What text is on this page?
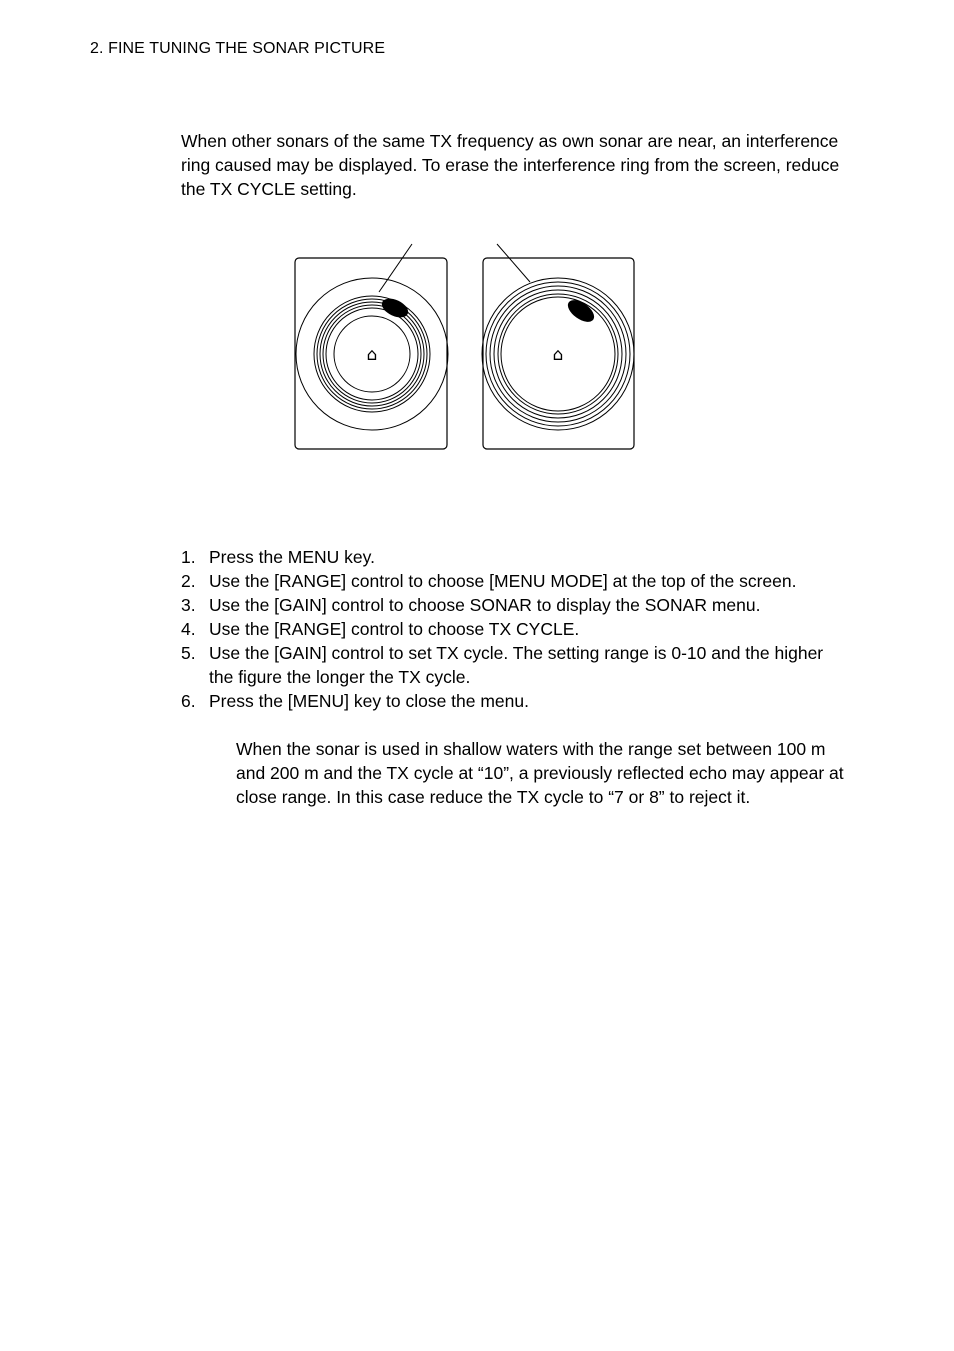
2. FINE TUNING THE SONAR PICTURE

When other sonars of the same TX frequency as own sonar are near, an interference ring caused may be displayed. To erase the interference ring from the screen, reduce the TX CYCLE setting.

⌂	⌂
1. Press the MENU key.
2. Use the [RANGE] control to choose [MENU MODE] at the top of the screen.
3. Use the [GAIN] control to choose SONAR to display the SONAR menu.
4. Use the [RANGE] control to choose TX CYCLE.
5. Use the [GAIN] control to set TX cycle. The setting range is 0-10 and the higher the figure the longer the TX cycle.
6. Press the [MENU] key to close the menu.

When the sonar is used in shallow waters with the range set between 100 m and 200 m and the TX cycle at “10”, a previously reflected echo may appear at close range. In this case reduce the TX cycle to “7 or 8” to reject it.
